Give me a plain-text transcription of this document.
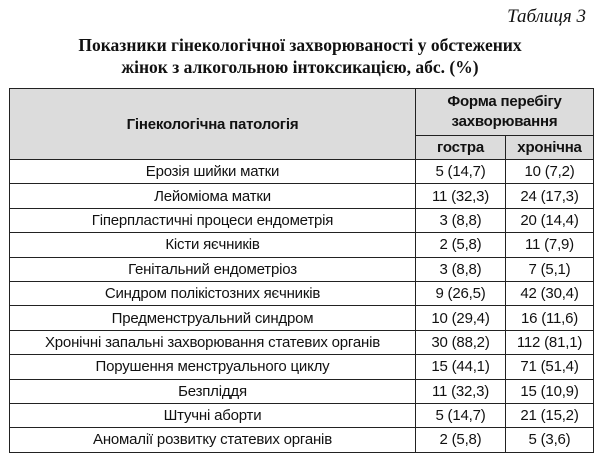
Таблиця 3
Показники гінекологічної захворюваності у обстежених
жінок з алкогольною інтоксикацією, абс. (%)
Гінекологічна патологія	Форма перебігу
захворювання	

	гостра	хронічна
Ерозія шийки матки	5 (14,7)	10 (7,2)
Лейоміома матки	11 (32,3)	24 (17,3)
Гіперпластичні процеси ендометрія	3 (8,8)	20 (14,4)
Кісти яєчників	2 (5,8)	11 (7,9)
Генітальний ендометріоз	3 (8,8)	7 (5,1)
Синдром полікістозних яєчників	9 (26,5)	42 (30,4)
Предменструальний синдром	10 (29,4)	16 (11,6)
Хронічні запальні захворювання статевих органів	30 (88,2)	112 (81,1)
Порушення менструального циклу	15 (44,1)	71 (51,4)
Безпліддя	11 (32,3)	15 (10,9)
Штучні аборти	5 (14,7)	21 (15,2)
Аномалії розвитку статевих органів	2 (5,8)	5 (3,6)
